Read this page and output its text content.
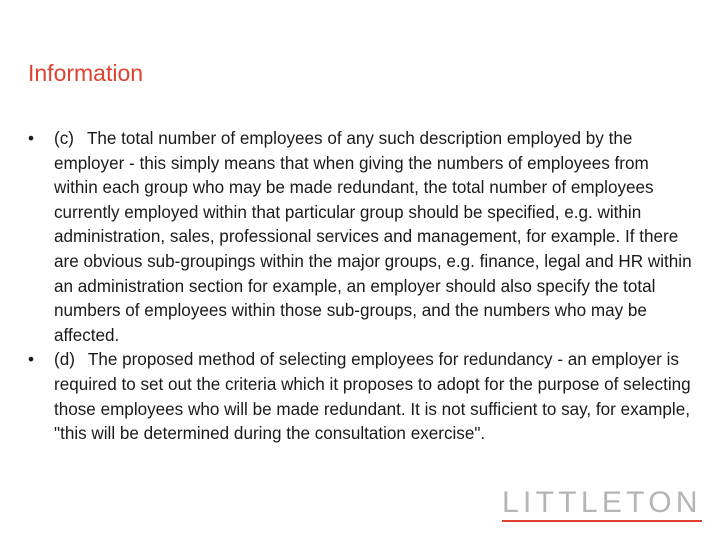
Information
• (c) The total number of employees of any such description employed by the employer - this simply means that when giving the numbers of employees from within each group who may be made redundant, the total number of employees currently employed within that particular group should be specified, e.g. within administration, sales, professional services and management, for example. If there are obvious sub-groupings within the major groups, e.g. finance, legal and HR within an administration section for example, an employer should also specify the total numbers of employees within those sub-groups, and the numbers who may be affected.
• (d) The proposed method of selecting employees for redundancy - an employer is required to set out the criteria which it proposes to adopt for the purpose of selecting those employees who will be made redundant. It is not sufficient to say, for example, "this will be determined during the consultation exercise".
LITTLETON
